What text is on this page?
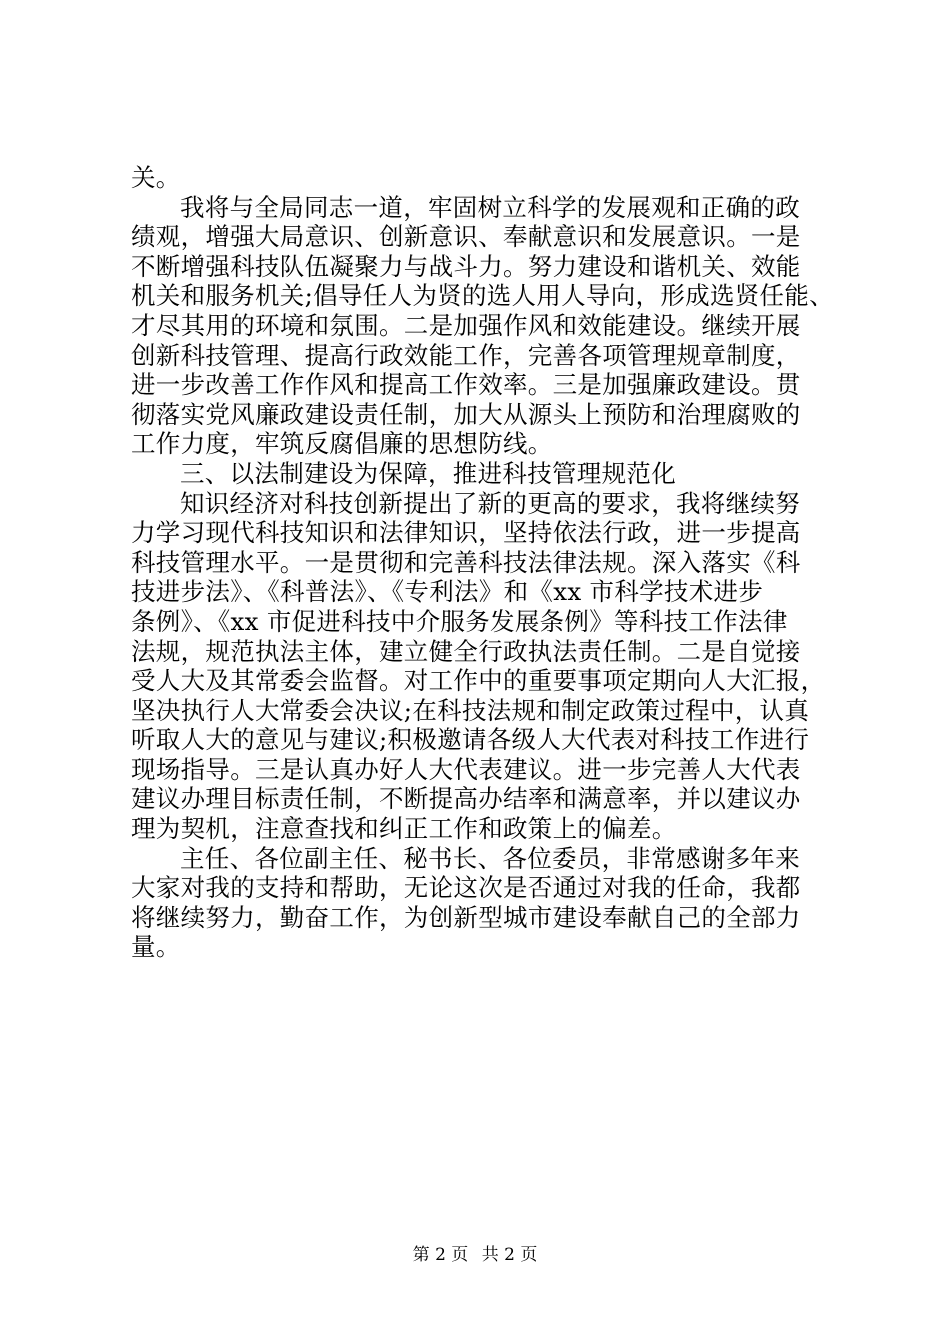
关。
我将与全局同志一道，牢固树立科学的发展观和正确的政
绩观，增强大局意识、创新意识、奉献意识和发展意识。一是
不断增强科技队伍凝聚力与战斗力。努力建设和谐机关、效能
机关和服务机关;倡导任人为贤的选人用人导向，形成选贤任能、
才尽其用的环境和氛围。二是加强作风和效能建设。继续开展
创新科技管理、提高行政效能工作，完善各项管理规章制度，
进一步改善工作作风和提高工作效率。三是加强廉政建设。贯
彻落实党风廉政建设责任制，加大从源头上预防和治理腐败的
工作力度，牢筑反腐倡廉的思想防线。
三、以法制建设为保障，推进科技管理规范化
知识经济对科技创新提出了新的更高的要求，我将继续努
力学习现代科技知识和法律知识，坚持依法行政，进一步提高
科技管理水平。一是贯彻和完善科技法律法规。深入落实《科
技进步法》、《科普法》、《专利法》和《xx 市科学技术进步
条例》、《xx 市促进科技中介服务发展条例》等科技工作法律
法规，规范执法主体，建立健全行政执法责任制。二是自觉接
受人大及其常委会监督。对工作中的重要事项定期向人大汇报，
坚决执行人大常委会决议;在科技法规和制定政策过程中，认真
听取人大的意见与建议;积极邀请各级人大代表对科技工作进行
现场指导。三是认真办好人大代表建议。进一步完善人大代表
建议办理目标责任制，不断提高办结率和满意率，并以建议办
理为契机，注意查找和纠正工作和政策上的偏差。
主任、各位副主任、秘书长、各位委员，非常感谢多年来
大家对我的支持和帮助，无论这次是否通过对我的任命，我都
将继续努力，勤奋工作，为创新型城市建设奉献自己的全部力
量。
第 2 页 共 2 页
